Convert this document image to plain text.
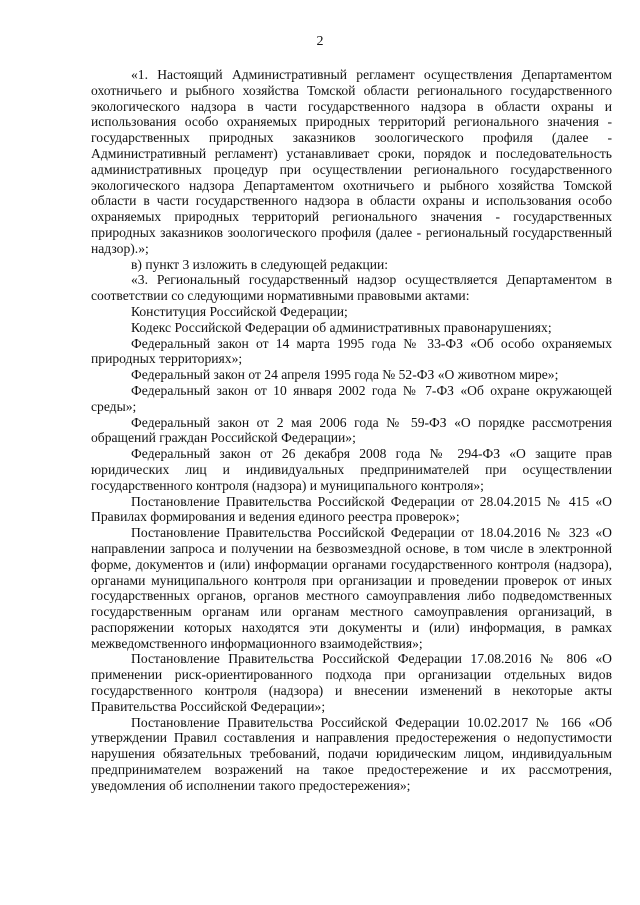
2

«1. Настоящий Административный регламент осуществления Департаментом охотничьего и рыбного хозяйства Томской области регионального государственного экологического надзора в части государственного надзора в области охраны и использования особо охраняемых природных территорий регионального значения - государственных природных заказников зоологического профиля (далее - Административный регламент) устанавливает сроки, порядок и последовательность административных процедур при осуществлении регионального государственного экологического надзора Департаментом охотничьего и рыбного хозяйства Томской области в части государственного надзора в области охраны и использования особо охраняемых природных территорий регионального значения - государственных природных заказников зоологического профиля (далее - региональный государственный надзор).»;

в) пункт 3 изложить в следующей редакции:

«3. Региональный государственный надзор осуществляется Департаментом в соответствии со следующими нормативными правовыми актами:

Конституция Российской Федерации;

Кодекс Российской Федерации об административных правонарушениях;

Федеральный закон от 14 марта 1995 года № 33-ФЗ «Об особо охраняемых природных территориях»;

Федеральный закон от 24 апреля 1995 года № 52-ФЗ «О животном мире»;

Федеральный закон от 10 января 2002 года № 7-ФЗ «Об охране окружающей среды»;

Федеральный закон от 2 мая 2006 года № 59-ФЗ «О порядке рассмотрения обращений граждан Российской Федерации»;

Федеральный закон от 26 декабря 2008 года № 294-ФЗ «О защите прав юридических лиц и индивидуальных предпринимателей при осуществлении государственного контроля (надзора) и муниципального контроля»;

Постановление Правительства Российской Федерации от 28.04.2015 № 415 «О Правилах формирования и ведения единого реестра проверок»;

Постановление Правительства Российской Федерации от 18.04.2016 № 323 «О направлении запроса и получении на безвозмездной основе, в том числе в электронной форме, документов и (или) информации органами государственного контроля (надзора), органами муниципального контроля при организации и проведении проверок от иных государственных органов, органов местного самоуправления либо подведомственных государственным органам или органам местного самоуправления организаций, в распоряжении которых находятся эти документы и (или) информация, в рамках межведомственного информационного взаимодействия»;

Постановление Правительства Российской Федерации 17.08.2016 № 806 «О применении риск-ориентированного подхода при организации отдельных видов государственного контроля (надзора) и внесении изменений в некоторые акты Правительства Российской Федерации»;

Постановление Правительства Российской Федерации 10.02.2017 № 166 «Об утверждении Правил составления и направления предостережения о недопустимости нарушения обязательных требований, подачи юридическим лицом, индивидуальным предпринимателем возражений на такое предостережение и их рассмотрения, уведомления об исполнении такого предостережения»;
